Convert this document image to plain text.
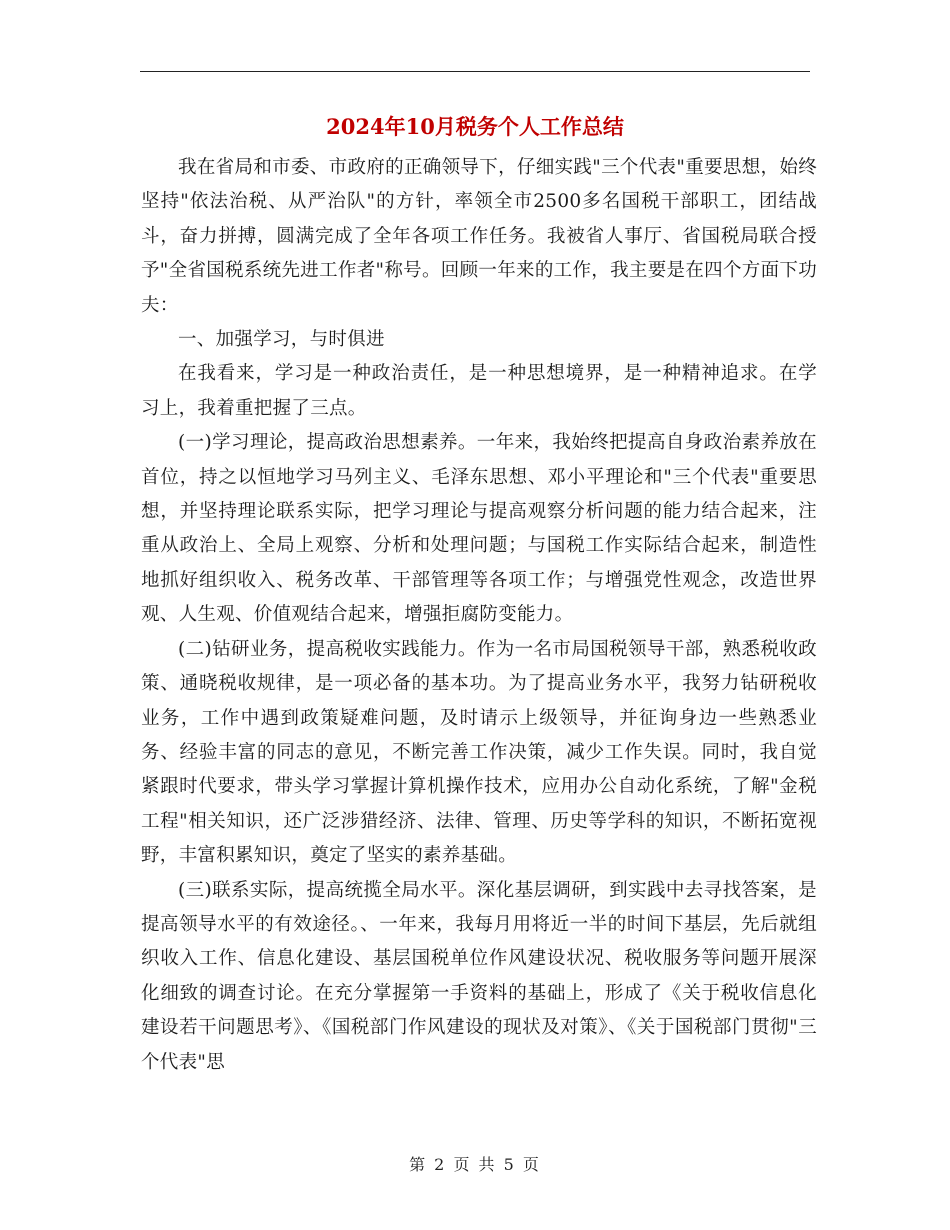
2024年10月税务个人工作总结

我在省局和市委、市政府的正确领导下，仔细实践"三个代表"重要思想，始终坚持"依法治税、从严治队"的方针，率领全市2500多名国税干部职工，团结战斗，奋力拼搏，圆满完成了全年各项工作任务。我被省人事厅、省国税局联合授予"全省国税系统先进工作者"称号。回顾一年来的工作，我主要是在四个方面下功夫：

一、加强学习，与时俱进

在我看来，学习是一种政治责任，是一种思想境界，是一种精神追求。在学习上，我着重把握了三点。

(一)学习理论，提高政治思想素养。一年来，我始终把提高自身政治素养放在首位，持之以恒地学习马列主义、毛泽东思想、邓小平理论和"三个代表"重要思想，并坚持理论联系实际，把学习理论与提高观察分析问题的能力结合起来，注重从政治上、全局上观察、分析和处理问题；与国税工作实际结合起来，制造性地抓好组织收入、税务改革、干部管理等各项工作；与增强党性观念，改造世界观、人生观、价值观结合起来，增强拒腐防变能力。

(二)钻研业务，提高税收实践能力。作为一名市局国税领导干部，熟悉税收政策、通晓税收规律，是一项必备的基本功。为了提高业务水平，我努力钻研税收业务，工作中遇到政策疑难问题，及时请示上级领导，并征询身边一些熟悉业务、经验丰富的同志的意见，不断完善工作决策，减少工作失误。同时，我自觉紧跟时代要求，带头学习掌握计算机操作技术，应用办公自动化系统，了解"金税工程"相关知识，还广泛涉猎经济、法律、管理、历史等学科的知识，不断拓宽视野，丰富积累知识，奠定了坚实的素养基础。

(三)联系实际，提高统揽全局水平。深化基层调研，到实践中去寻找答案，是提高领导水平的有效途径。、一年来，我每月用将近一半的时间下基层，先后就组织收入工作、信息化建设、基层国税单位作风建设状况、税收服务等问题开展深化细致的调查讨论。在充分掌握第一手资料的基础上，形成了《关于税收信息化建设若干问题思考》、《国税部门作风建设的现状及对策》、《关于国税部门贯彻"三个代表"思

第 2 页 共 5 页
